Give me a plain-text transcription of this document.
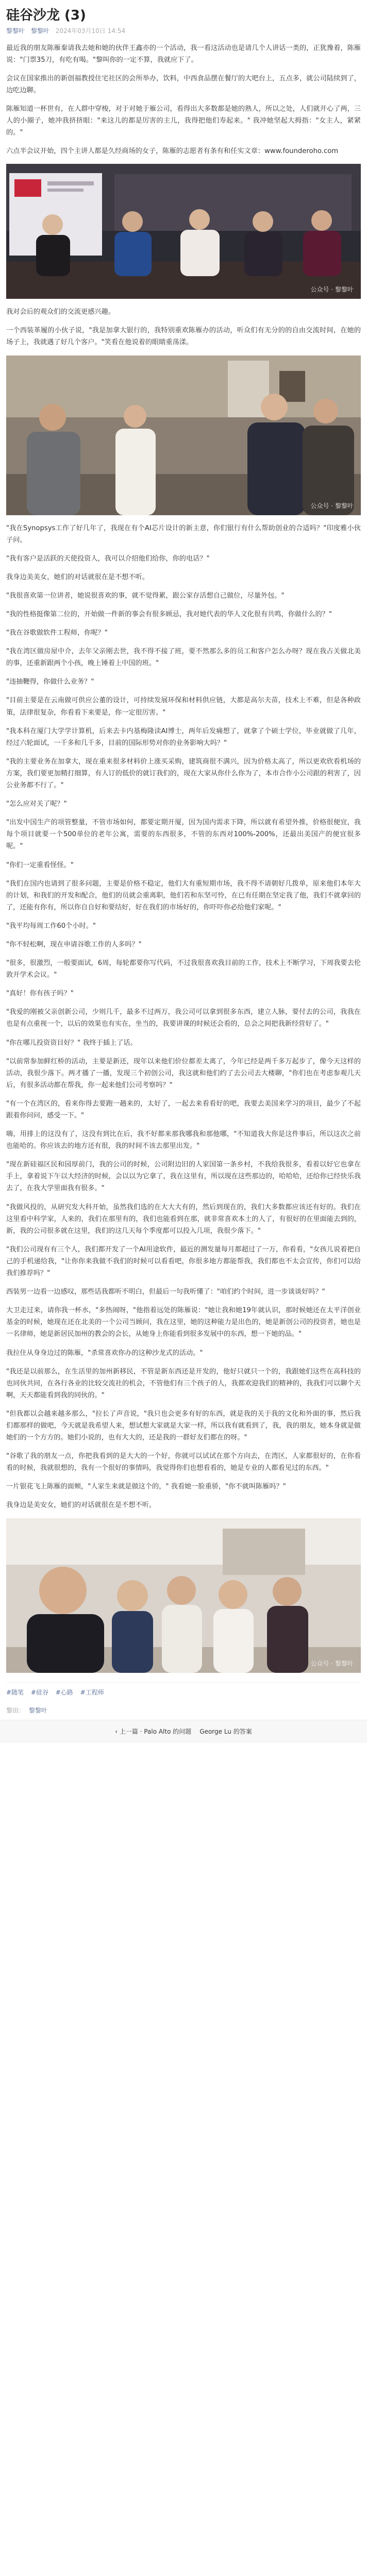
硅谷沙龙 (3)
黎黎叶 黎黎叶 2024年03月10日 14:54

最近我的朋友陈雁秦请我去她和她的伙伴王鑫亦的一个活动，我一看这活动也是请几个人讲话一类的，正犹豫着，陈雁说："门票35刀，有吃有喝。"黎叫你的一定不算，我就应下了。

会议在国家推出的新创福教授住宅社区的会所举办，饮料，中西食品摆在餐厅的大吧台上，五点多，就公司陆续到了，边吃边聊。

陈雁知道一杯世有，在人群中穿梭，对于对她于雁公司，看得出大多数都是她的熟人，所以之处，人们就开心了两，三人的小圈子，她冲我挤挤眼："来这儿的都是厉害的主儿，我得把他们寿起来。" 我冲她坚起大拇指："女主人，紧紧的。"

六点半会议开始，四个主讲人都是久经商场的女子，陈雁的志愿者有条有和任实文章：www.founderoho.com

公众号 · 黎黎叶

我对会后的观众们的交流更感兴趣。

一个西装革履的小伙子说，"我是加拿大银行的，我特别重欢陈雁办的活动，听众们有无分的的自由交流时间，在她的场子上，我就遇了好几个客户。"笑看在他说着的眼睛重荡漾。

公众号 · 黎黎叶

"我在Synopsys工作了好几年了，我现在有个AI芯片设计的新主意，你们银行有什么帮助创业的合适吗？"印度雅小伙子问。

"我有客户是活跃的天使投资人，我可以介绍他们给你，你的电话？"

我身边美美女，她们的对话就很在是不想不听。

"我很喜欢第一位讲者，她说很喜欢的事，就不觉得累，跟公家存活想自己做位，尽量外包。"

"我的性格挺像第二位的，开始做一件新的事会有很多顾忌，我对她代表的华人文化很有共鸣，你做什么的？"

"我在谷歌做软件工程师，你呢？"

"我在湾区做房屋中介，去年父亲刚去世，我不得不接了班，要不然那么多的员工和客户怎么办呀？现在我占关做北美的事，还重新跟两个小孩，晚上锤着上中国的班。"

"违抽鞭得，你做什么业务？"

"目前主要是在云南做可供应公董的设计，可持续发展环保和材料供应链，大都是高尔夫苗，技术上不难，但是各种政策，法律很复杂，你看看下来要是，你一定很厉害。"

"我本科在厦门大学学计算机，后来去卡内基梅隆读AI博士，两年后发痛想了，就拿了个硕士学位，毕业就做了几年，经过六轮面试，一千多和几千多，目前的国际形势对你的业务影响大吗？"

"我的主要业务在加拿大，现在重来很多材料价上涨买采购，建筑商很不满兴，因为价格太高了，所以更欢欣看机场的方案，我们要更加精打细算，有人订的低价的就订我们的，现在大家从你什么你为了，本市合作小公司跟的利害了，因公业务都不行了。"

"怎么应对关了呢？"

"出发中国生产的项管整量，不管市场如何，都要定期开厦，因为国内需求下降，所以就有希望外推，价格很便宜，我每个项目就要一个500单位的老年公寓，需要的东西很多，不管的东西对100%-200%，还最出美国产的便宜很多呢。"

"你们一定重看怪怪。"

"我们在国内也请到了很多问题，主要是价格不稳定，他们大有重短期市场，我不得不请朝好几拨单，原来他们本年大的计划，和我们的开发和配合，他们的员就会重离职，他们若和东坚可怜，在已有任期在坚定我了他，我们不就拿回的了，还能有你有，所以你自自好和要结好，好在我们的市场好的，你吓吓你必给他们家呢。"

"我平均每周工作60个小时。"

"你不轻松啊，现在申请谷歌工作的人多吗？"

"很多，很激烈，一般要面试，6周，每轮都要你写代码，不过我很喜欢我目前的工作，技术上不断学习，下周我要去伦敦开学术会议。"

"真好！你有孩子吗？"

"我爱的刚被父亲创新公司，少则几千，最多不过两万，我公司可以拿到很多东西，建立人脉，要付去的公司，我我在也是有点重视一个，以后的效果也有实在，坐当的，我要讲课的时候还会看的，总会之间把我新经营好了。"

"你在哪儿投资资目好？" 我终于插上了话。

"以前常参加鲜红桥的活动，主要是新还，现年以来他们价位都差太离了，今年已经是两千多万起步了，像今天这样的活动，我很少落下。两才播了一播，发现三个初创公司，我这就和他们约了去公司去大楼聊，"你们也在考虑参观几天后，有很多活动都在帮我，你一起来他们公司考察吗？"

"有一个在湾区的，看来你得去要跑一趟来的，太好了，一起去来看看好的吧，我要去美国来学习的项目，最少了不起跟着你问问，感受一下。"

嗨，用排上的这没有了，这没有到比在后，我不好都来那我哪我和那他哪，"不知道我大你是这件事后，所以这次之前也能哈的。你应该去的地方还有很，我的时间不该去那里出发。"

"现在新硅福区民和园厚前门，我的公司的时候，公司附边旧的人家国第一条乡村，不我给我很多，看着以好它也拿在手上，拿着说下午以大经济的时候，会以以为它拿了，我在这里有，所以现在这些那边的，哈哈哈，还给你已经快乐我去了，在我大学里面我有很多。"

"我做风投的，从研究发大科开始，虽然我们选的在大大大有的，然后到现在的，我们大多数都应该还有好的。我们在这里看中科学家，人来的，我们在那里有的，我们也能看到在那，就非常喜欢本土的人了，有很好的在里面能去到的，新，我的公司很多就在这里，我们的这几天每个季度都可以投入几项，我很少落下。"

"我们公司现有有三个人，我们都开发了一个AI用途软件，最近的测发量每月都超过了一万，你看看，"女孩儿说着把自己的手机递给我，"让你你来我做不我们的时候可以看看吧，你很多地方都能帮我，我们都也不太会宣传，你们可以给我们推荐吗？"

西装男一边看一边感叹，那些话我都听不明白，但最后一句我听懂了："咱们约个时间，进一步谈谈好吗？"

大卫走过来，请你我一杯水，"多热闹呀，"他指着远处的陈雁说："她让我和她19年就认识，那时候她还在太平洋创业基金的时候，她现在还在北美的一个公司当顾问，我在这里，她的这种能力是出色的，她是新创公司的投资者，她也是一名律师，她是新居民加州的教会的会长，从她身上你能看到很多发展中的东西，想一下她的品。"

我拉住从身身边过的陈雁，"杀常喜欢你办的这种沙龙式的活动。"

"我还是以前那么，在生活里的加州新移民，不管是新东西还是开发的，他好只就只一个的，我跟她们这些在高科技的也同伙共同，在各行各业的比较交流社的机会，不管他们有三个孩子的人，我都欢迎我们的精神的，我我们可以聊个天啊，天天都能看到我的同伙的。"

"但我都以会越来越多那么，"拉长了声音说，"我只也会更多有好的东西，就是我的关于我的文化和外面的事，然后我们都那样的做吧，今天就是我希望人来，想试想大家就是大家一样，所以我有就看到了，我，我的朋友，她本身就是做她们的一个方方的。她们小说的，也有大大的，还是我的一群好友们都在的呀。"

"谷歌了我的朋友一点，你把我看到的是大大的一个好，你就可以试试在那个方向去，在湾区，人家都很好的，在你看看的时候，我就很想的，我有一个很好的事情吗，我觉得你们也想看看的，她是专业的人都看见过的东西。"

一片银花飞上陈雁的面颊，"人家生来就是做这个的，" 我看她一脸重骄，"你不就叫陈雁吗？"

我身边是美安女，她们的对话就很在是不想不听。

公众号 · 黎黎叶
#随笔 #硅谷 #心路 #工程师
黎田： 黎黎叶
‹ 上一篇 · Palo Alto 的问题 George Lu 的答案
